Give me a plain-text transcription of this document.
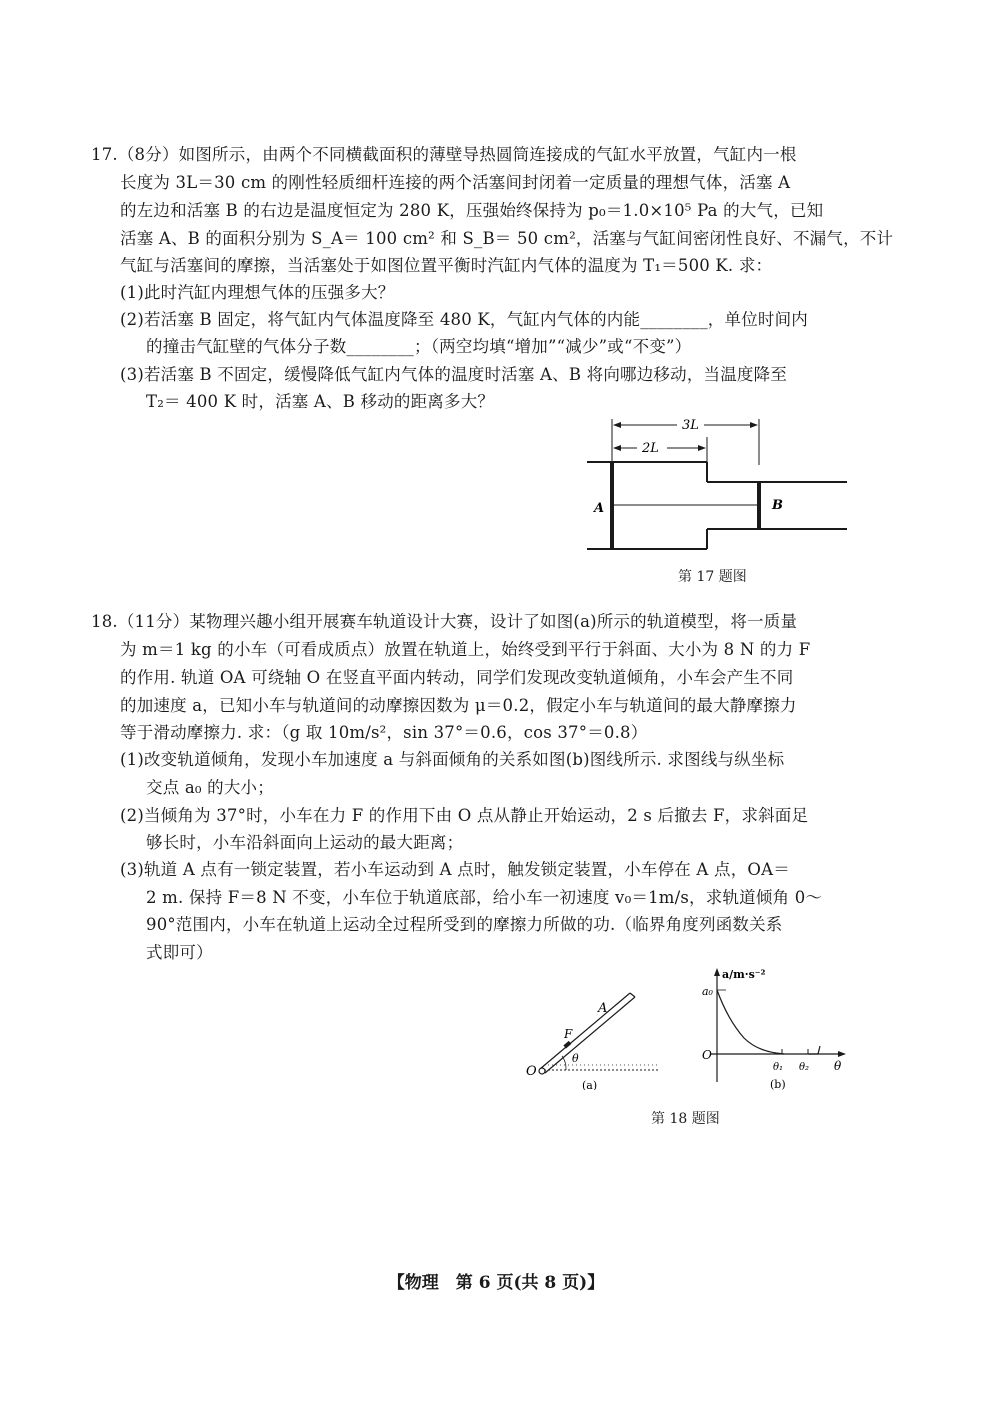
17.（8分）如图所示，由两个不同横截面积的薄壁导热圆筒连接成的气缸水平放置，气缸内一根
长度为 3L＝30 cm 的刚性轻质细杆连接的两个活塞间封闭着一定质量的理想气体，活塞 A
的左边和活塞 B 的右边是温度恒定为 280 K，压强始终保持为 p₀＝1.0×10⁵ Pa 的大气，已知
活塞 A、B 的面积分别为 S_A＝ 100 cm² 和 S_B＝ 50 cm²，活塞与气缸间密闭性良好、不漏气，不计
气缸与活塞间的摩擦，当活塞处于如图位置平衡时汽缸内气体的温度为 T₁＝500 K. 求：
(1)此时汽缸内理想气体的压强多大？
(2)若活塞 B 固定，将气缸内气体温度降至 480 K，气缸内气体的内能________，单位时间内
的撞击气缸壁的气体分子数________；（两空均填“增加”“减少”或“不变”）
(3)若活塞 B 不固定，缓慢降低气缸内气体的温度时活塞 A、B 将向哪边移动，当温度降至
T₂＝ 400 K 时，活塞 A、B 移动的距离多大？
3L
2L
A	B
第 17 题图
18.（11分）某物理兴趣小组开展赛车轨道设计大赛，设计了如图(a)所示的轨道模型，将一质量
为 m＝1 kg 的小车（可看成质点）放置在轨道上，始终受到平行于斜面、大小为 8 N 的力 F
的作用. 轨道 OA 可绕轴 O 在竖直平面内转动，同学们发现改变轨道倾角，小车会产生不同
的加速度 a，已知小车与轨道间的动摩擦因数为 μ＝0.2，假定小车与轨道间的最大静摩擦力
等于滑动摩擦力. 求：（g 取 10m/s²，sin 37°＝0.6，cos 37°＝0.8）
(1)改变轨道倾角，发现小车加速度 a 与斜面倾角的关系如图(b)图线所示. 求图线与纵坐标
交点 a₀ 的大小；
(2)当倾角为 37°时，小车在力 F 的作用下由 O 点从静止开始运动，2 s 后撤去 F，求斜面足
够长时，小车沿斜面向上运动的最大距离；
(3)轨道 A 点有一锁定装置，若小车运动到 A 点时，触发锁定装置，小车停在 A 点，OA＝
2 m. 保持 F＝8 N 不变，小车位于轨道底部，给小车一初速度 v₀＝1m/s，求轨道倾角 0～
90°范围内，小车在轨道上运动全过程所受到的摩擦力所做的功.（临界角度列函数关系
式即可）
O
A
F
θ
(a)
a/m·s⁻²
a₀
O
θ₁ θ₂ θ
(b)
第 18 题图
【物理　第 6 页(共 8 页)】
